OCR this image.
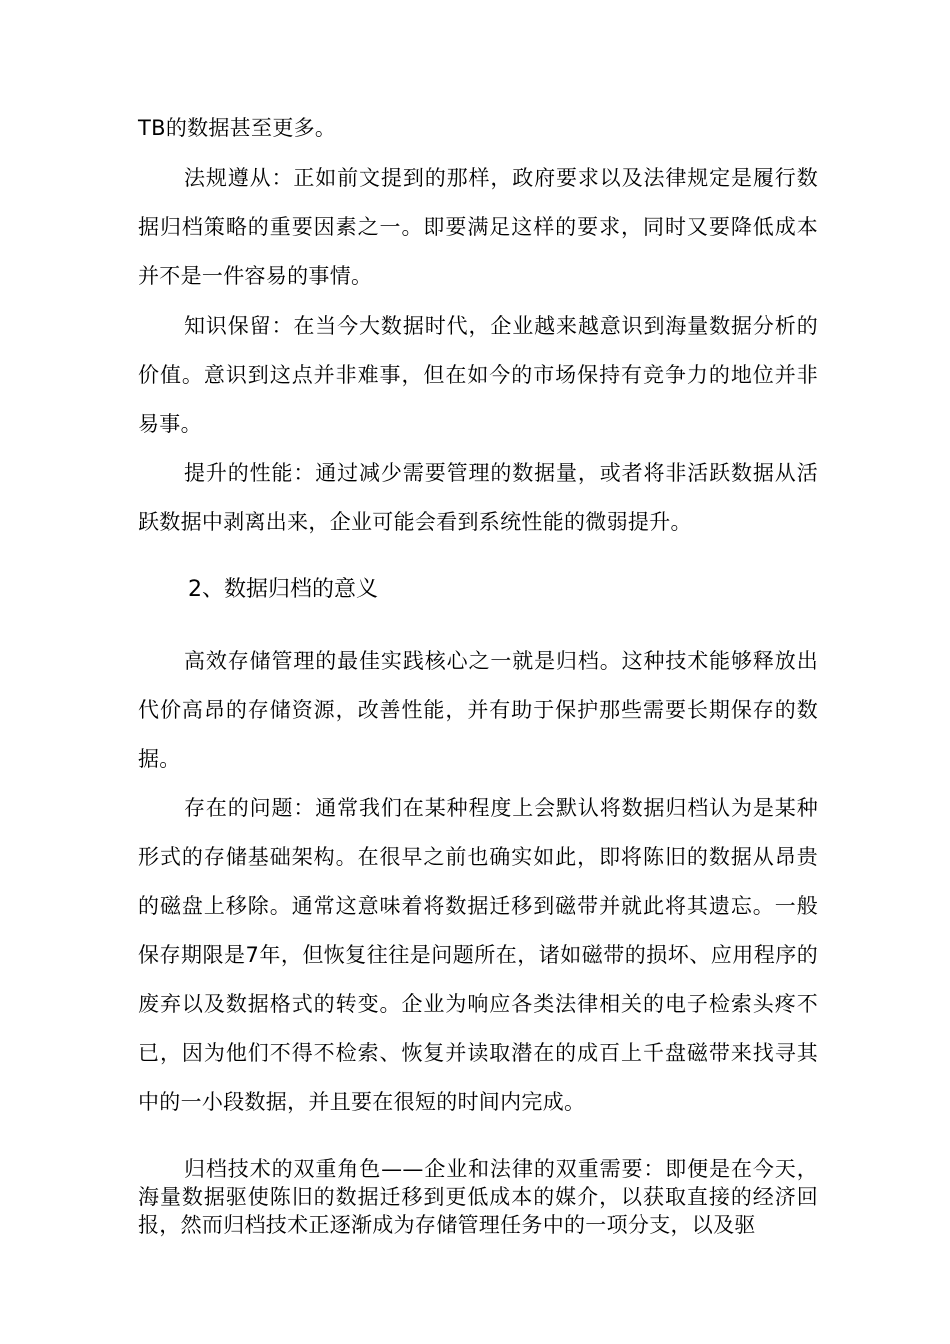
TB的数据甚至更多。

法规遵从：正如前文提到的那样，政府要求以及法律规定是履行数据归档策略的重要因素之一。即要满足这样的要求，同时又要降低成本并不是一件容易的事情。

知识保留：在当今大数据时代，企业越来越意识到海量数据分析的价值。意识到这点并非难事，但在如今的市场保持有竞争力的地位并非易事。

提升的性能：通过减少需要管理的数据量，或者将非活跃数据从活跃数据中剥离出来，企业可能会看到系统性能的微弱提升。

2、数据归档的意义

高效存储管理的最佳实践核心之一就是归档。这种技术能够释放出代价高昂的存储资源，改善性能，并有助于保护那些需要长期保存的数据。

存在的问题：通常我们在某种程度上会默认将数据归档认为是某种形式的存储基础架构。在很早之前也确实如此，即将陈旧的数据从昂贵的磁盘上移除。通常这意味着将数据迁移到磁带并就此将其遗忘。一般保存期限是7年，但恢复往往是问题所在，诸如磁带的损坏、应用程序的废弃以及数据格式的转变。企业为响应各类法律相关的电子检索头疼不已，因为他们不得不检索、恢复并读取潜在的成百上千盘磁带来找寻其中的一小段数据，并且要在很短的时间内完成。

归档技术的双重角色——企业和法律的双重需要：即便是在今天，海量数据驱使陈旧的数据迁移到更低成本的媒介，以获取直接的经济回报，然而归档技术正逐渐成为存储管理任务中的一项分支，以及驱
